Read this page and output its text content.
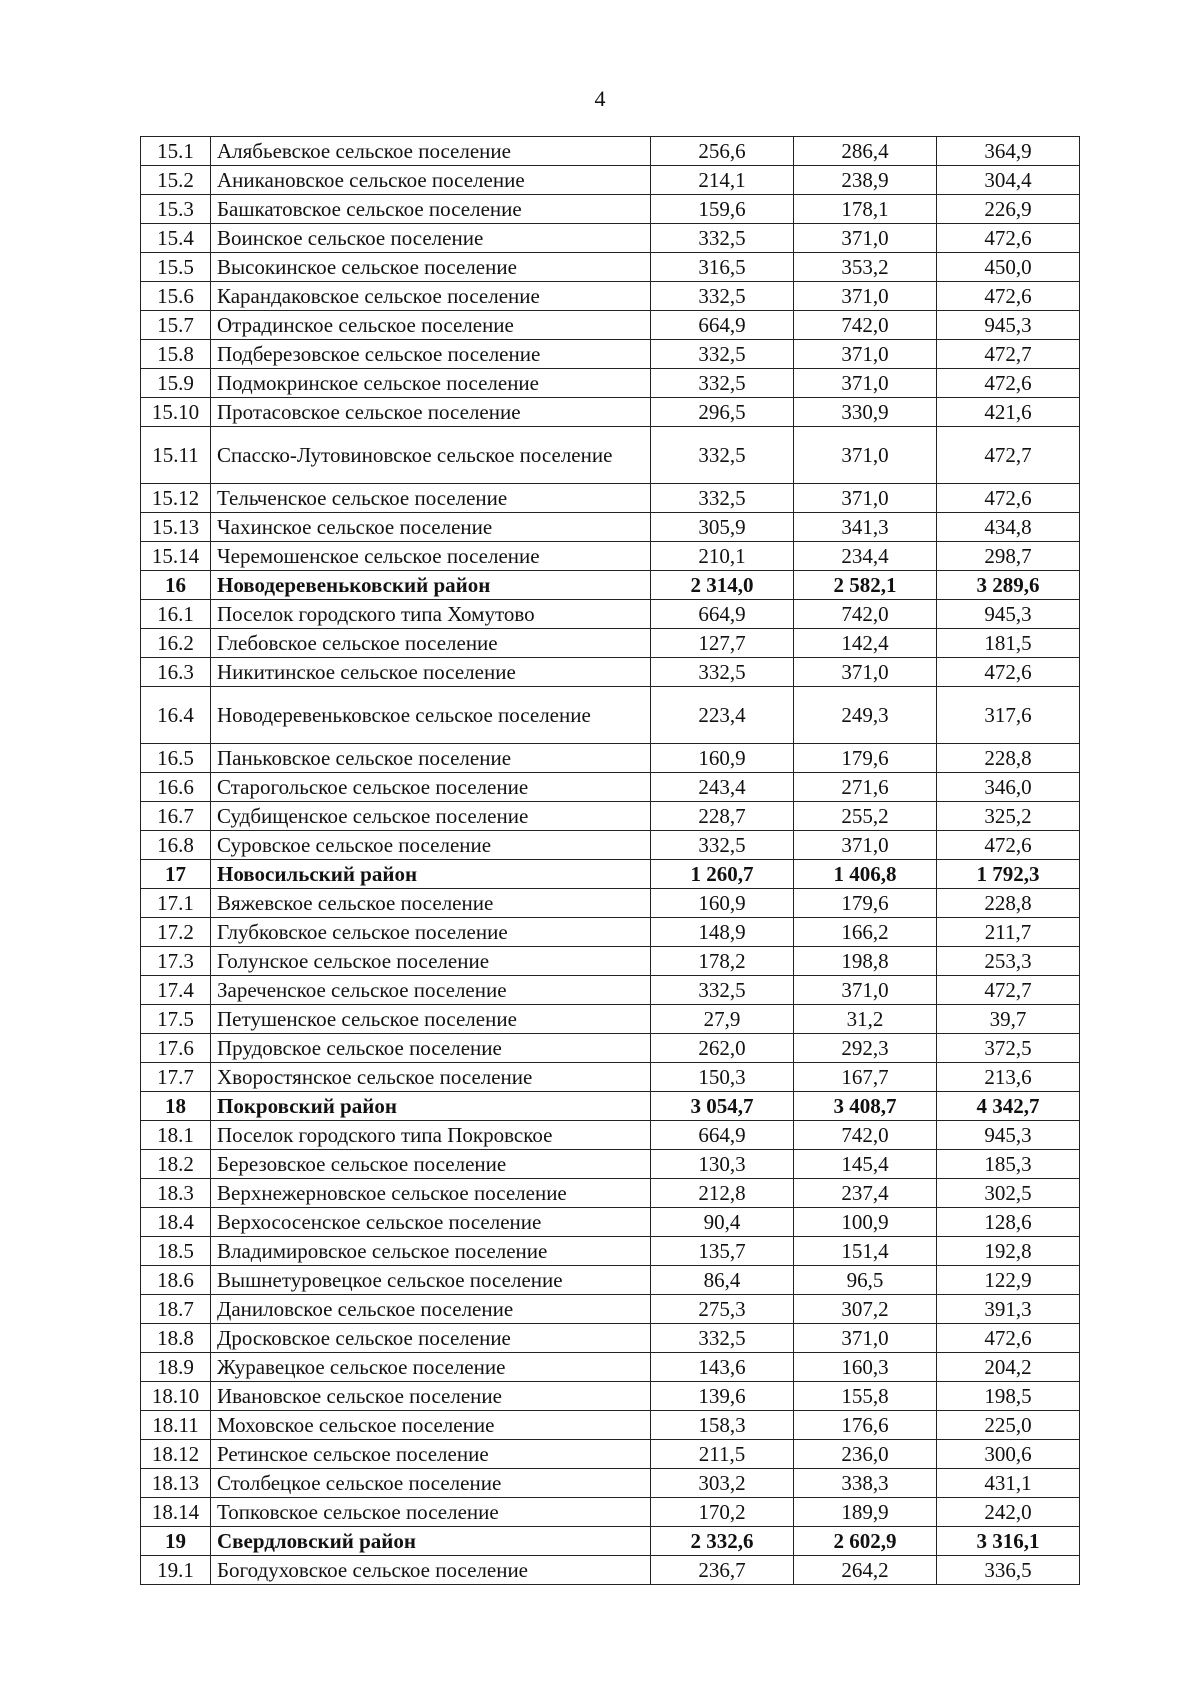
4
15.1	Алябьевское сельское поселение	256,6	286,4	364,9
15.2	Аникановское сельское поселение	214,1	238,9	304,4
15.3	Башкатовское сельское поселение	159,6	178,1	226,9
15.4	Воинское сельское поселение	332,5	371,0	472,6
15.5	Высокинское сельское поселение	316,5	353,2	450,0
15.6	Карандаковское сельское поселение	332,5	371,0	472,6
15.7	Отрадинское сельское поселение	664,9	742,0	945,3
15.8	Подберезовское сельское поселение	332,5	371,0	472,7
15.9	Подмокринское сельское поселение	332,5	371,0	472,6
15.10	Протасовское сельское поселение	296,5	330,9	421,6
15.11	Спасско-Лутовиновское сельское поселение	332,5	371,0	472,7
15.12	Тельченское сельское поселение	332,5	371,0	472,6
15.13	Чахинское сельское поселение	305,9	341,3	434,8
15.14	Черемошенское сельское поселение	210,1	234,4	298,7
16	Новодеревеньковский район	2 314,0	2 582,1	3 289,6
16.1	Поселок городского типа Хомутово	664,9	742,0	945,3
16.2	Глебовское сельское поселение	127,7	142,4	181,5
16.3	Никитинское сельское поселение	332,5	371,0	472,6
16.4	Новодеревеньковское сельское поселение	223,4	249,3	317,6
16.5	Паньковское сельское поселение	160,9	179,6	228,8
16.6	Старогольское сельское поселение	243,4	271,6	346,0
16.7	Судбищенское сельское поселение	228,7	255,2	325,2
16.8	Суровское сельское поселение	332,5	371,0	472,6
17	Новосильский район	1 260,7	1 406,8	1 792,3
17.1	Вяжевское сельское поселение	160,9	179,6	228,8
17.2	Глубковское сельское поселение	148,9	166,2	211,7
17.3	Голунское сельское поселение	178,2	198,8	253,3
17.4	Зареченское сельское поселение	332,5	371,0	472,7
17.5	Петушенское сельское поселение	27,9	31,2	39,7
17.6	Прудовское сельское поселение	262,0	292,3	372,5
17.7	Хворостянское сельское поселение	150,3	167,7	213,6
18	Покровский район	3 054,7	3 408,7	4 342,7
18.1	Поселок городского типа Покровское	664,9	742,0	945,3
18.2	Березовское сельское поселение	130,3	145,4	185,3
18.3	Верхнежерновское сельское поселение	212,8	237,4	302,5
18.4	Верхососенское сельское поселение	90,4	100,9	128,6
18.5	Владимировское сельское поселение	135,7	151,4	192,8
18.6	Вышнетуровецкое сельское поселение	86,4	96,5	122,9
18.7	Даниловское сельское поселение	275,3	307,2	391,3
18.8	Дросковское сельское поселение	332,5	371,0	472,6
18.9	Журавецкое сельское поселение	143,6	160,3	204,2
18.10	Ивановское сельское поселение	139,6	155,8	198,5
18.11	Моховское сельское поселение	158,3	176,6	225,0
18.12	Ретинское сельское поселение	211,5	236,0	300,6
18.13	Столбецкое сельское поселение	303,2	338,3	431,1
18.14	Топковское сельское поселение	170,2	189,9	242,0
19	Свердловский район	2 332,6	2 602,9	3 316,1
19.1	Богодуховское сельское поселение	236,7	264,2	336,5
